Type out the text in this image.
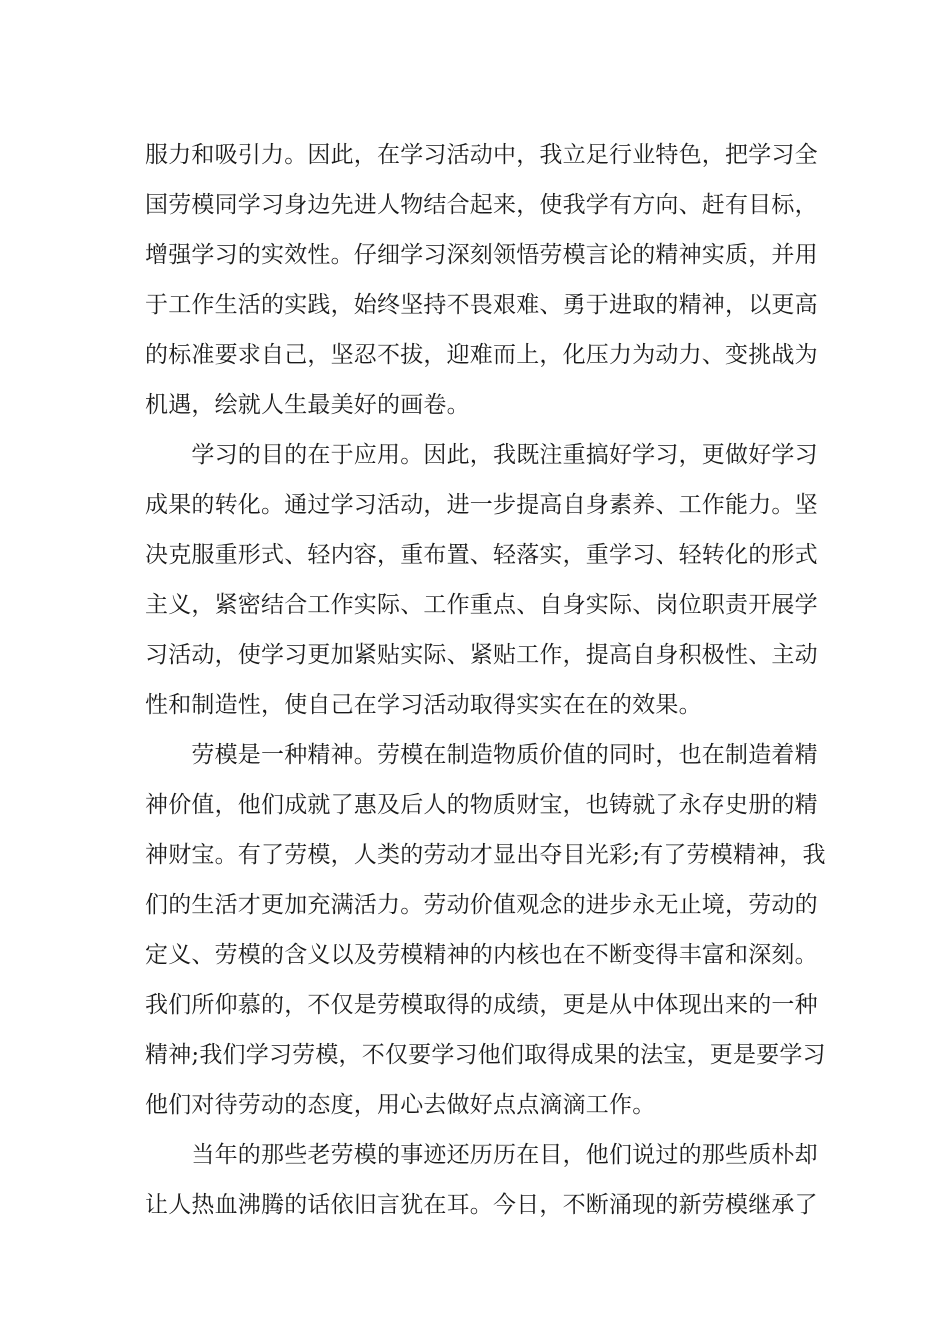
服力和吸引力。因此，在学习活动中，我立足行业特色，把学习全
国劳模同学习身边先进人物结合起来，使我学有方向、赶有目标，
增强学习的实效性。仔细学习深刻领悟劳模言论的精神实质，并用
于工作生活的实践，始终坚持不畏艰难、勇于进取的精神，以更高
的标准要求自己，坚忍不拔，迎难而上，化压力为动力、变挑战为
机遇，绘就人生最美好的画卷。
　　学习的目的在于应用。因此，我既注重搞好学习，更做好学习
成果的转化。通过学习活动，进一步提高自身素养、工作能力。坚
决克服重形式、轻内容，重布置、轻落实，重学习、轻转化的形式
主义，紧密结合工作实际、工作重点、自身实际、岗位职责开展学
习活动，使学习更加紧贴实际、紧贴工作，提高自身积极性、主动
性和制造性，使自己在学习活动取得实实在在的效果。
　　劳模是一种精神。劳模在制造物质价值的同时，也在制造着精
神价值，他们成就了惠及后人的物质财宝，也铸就了永存史册的精
神财宝。有了劳模，人类的劳动才显出夺目光彩;有了劳模精神，我
们的生活才更加充满活力。劳动价值观念的进步永无止境，劳动的
定义、劳模的含义以及劳模精神的内核也在不断变得丰富和深刻。
我们所仰慕的，不仅是劳模取得的成绩，更是从中体现出来的一种
精神;我们学习劳模，不仅要学习他们取得成果的法宝，更是要学习
他们对待劳动的态度，用心去做好点点滴滴工作。
　　当年的那些老劳模的事迹还历历在目，他们说过的那些质朴却
让人热血沸腾的话依旧言犹在耳。今日，不断涌现的新劳模继承了
